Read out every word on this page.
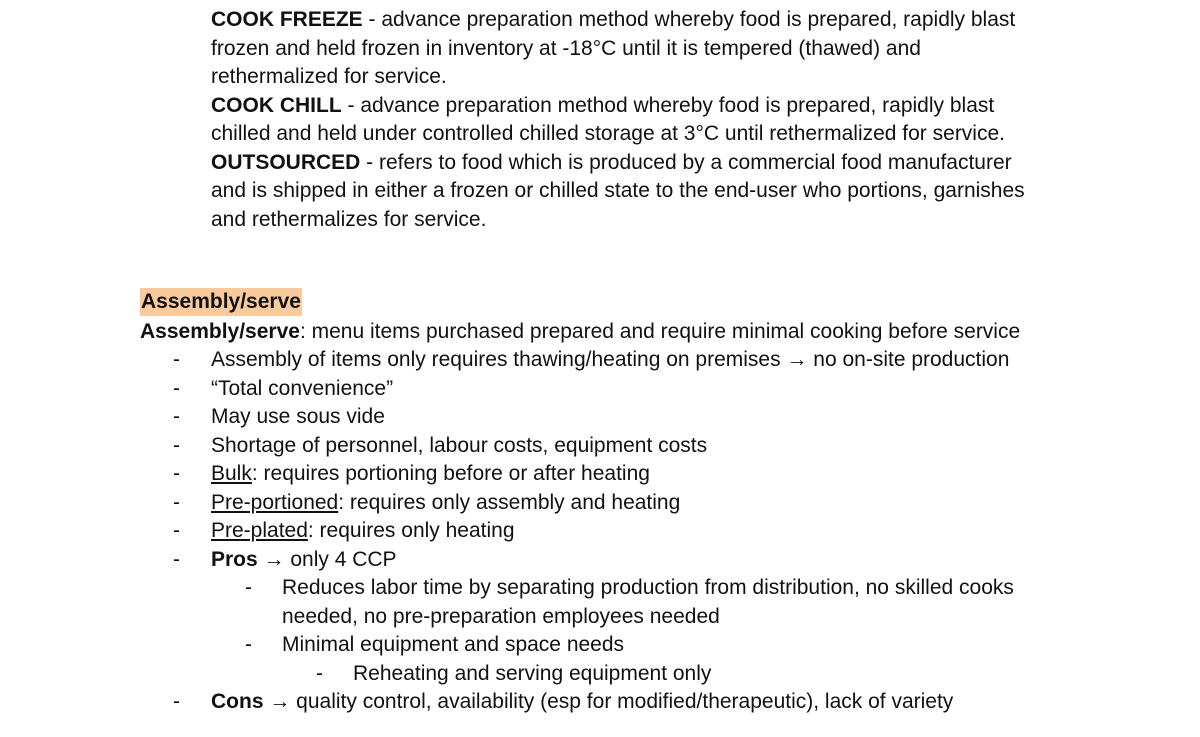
COOK FREEZE - advance preparation method whereby food is prepared, rapidly blast
frozen and held frozen in inventory at -18°C until it is tempered (thawed) and
rethermalized for service.
COOK CHILL - advance preparation method whereby food is prepared, rapidly blast
chilled and held under controlled chilled storage at 3°C until rethermalized for service.
OUTSOURCED - refers to food which is produced by a commercial food manufacturer
and is shipped in either a frozen or chilled state to the end-user who portions, garnishes
and rethermalizes for service.
Assembly/serve
Assembly/serve: menu items purchased prepared and require minimal cooking before service
- Assembly of items only requires thawing/heating on premises → no on-site production
- “Total convenience”
- May use sous vide
- Shortage of personnel, labour costs, equipment costs
- Bulk: requires portioning before or after heating
- Pre-portioned: requires only assembly and heating
- Pre-plated: requires only heating
- Pros → only 4 CCP
- Reduces labor time by separating production from distribution, no skilled cooks
needed, no pre-preparation employees needed
- Minimal equipment and space needs
- Reheating and serving equipment only
- Cons → quality control, availability (esp for modified/therapeutic), lack of variety
